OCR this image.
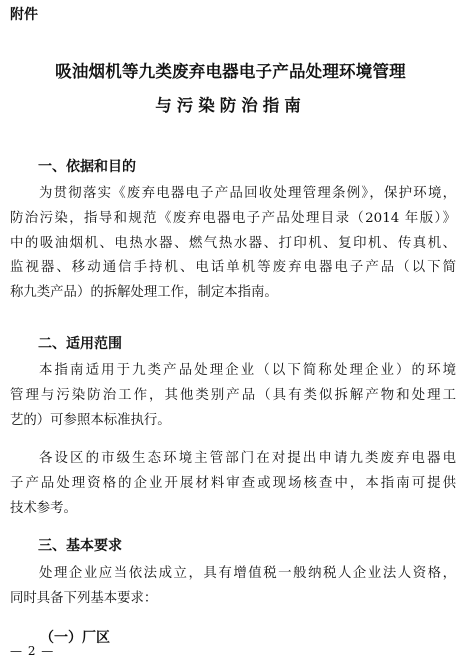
附件
吸油烟机等九类废弃电器电子产品处理环境管理
与污染防治指南
一、依据和目的

为贯彻落实《废弃电器电子产品回收处理管理条例》，保护环境，
防治污染，指导和规范《废弃电器电子产品处理目录（2014 年版）》
中的吸油烟机、电热水器、燃气热水器、打印机、复印机、传真机、
监视器、移动通信手持机、电话单机等废弃电器电子产品（以下简
称九类产品）的拆解处理工作，制定本指南。

二、适用范围

本指南适用于九类产品处理企业（以下简称处理企业）的环境
管理与污染防治工作，其他类别产品（具有类似拆解产物和处理工
艺的）可参照本标准执行。

各设区的市级生态环境主管部门在对提出申请九类废弃电器电
子产品处理资格的企业开展材料审查或现场核查中，本指南可提供
技术参考。

三、基本要求

处理企业应当依法成立，具有增值税一般纳税人企业法人资格，
同时具备下列基本要求：

（一）厂区
— 2 —
